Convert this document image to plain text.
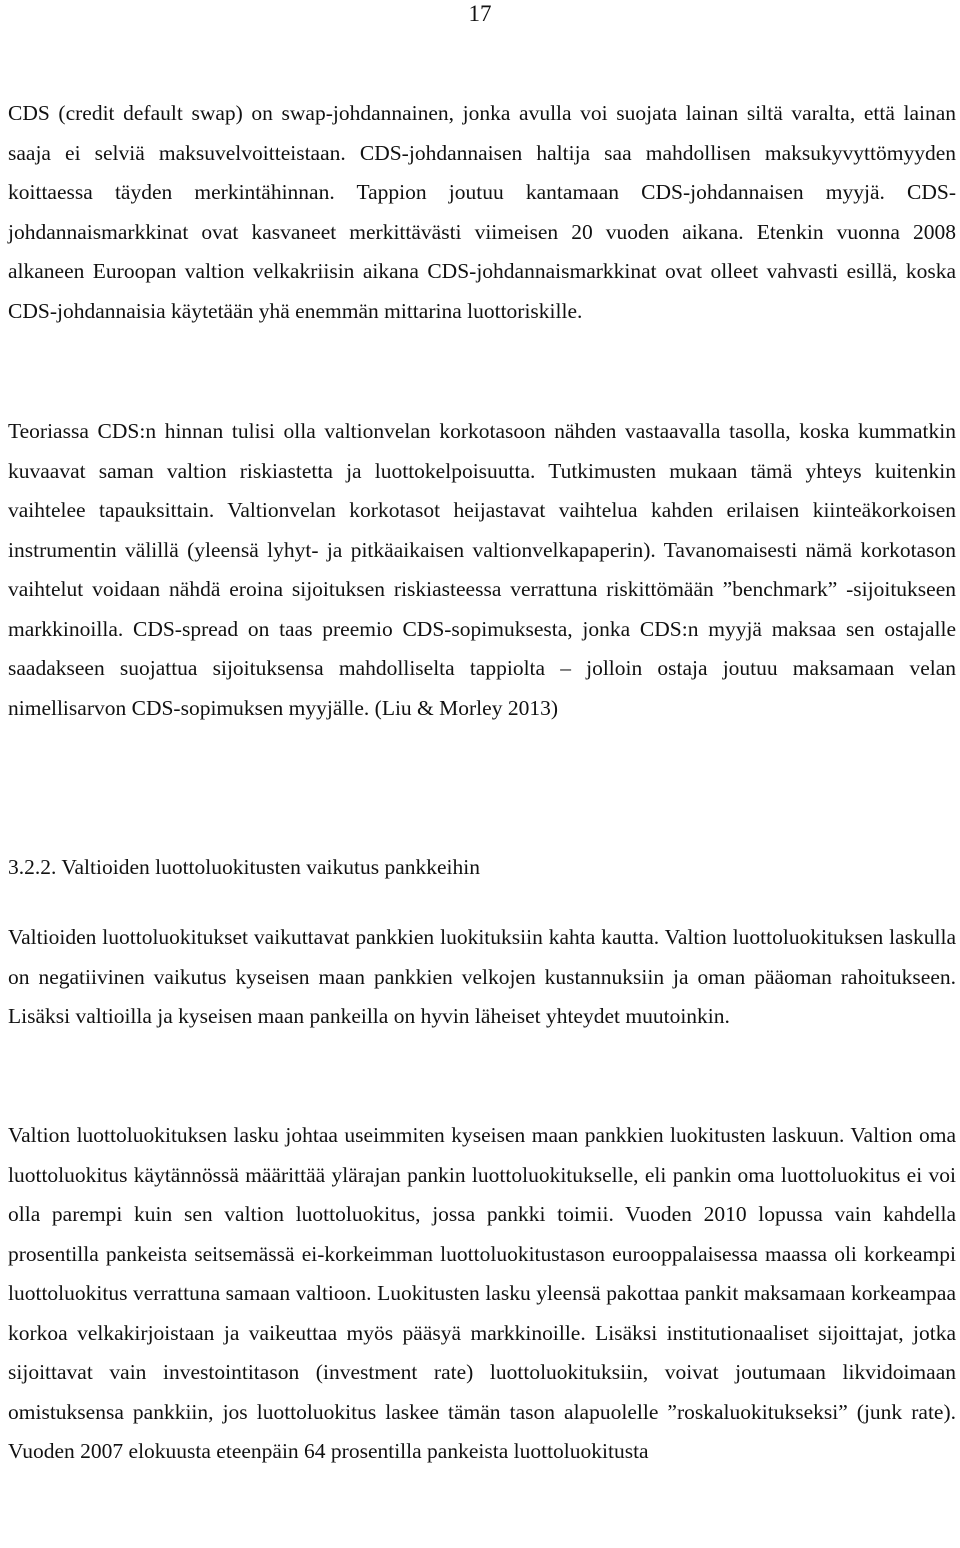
17

CDS (credit default swap) on swap-johdannainen, jonka avulla voi suojata lainan siltä varalta, että lainan saaja ei selviä maksuvelvoitteistaan. CDS-johdannaisen haltija saa mahdollisen maksukyvyttömyyden koittaessa täyden merkintähinnan. Tappion joutuu kantamaan CDS-johdannaisen myyjä. CDS-johdannaismarkkinat ovat kasvaneet merkittävästi viimeisen 20 vuoden aikana. Etenkin vuonna 2008 alkaneen Euroopan valtion velkakriisin aikana CDS-johdannaismarkkinat ovat olleet vahvasti esillä, koska CDS-johdannaisia käytetään yhä enemmän mittarina luottoriskille.

Teoriassa CDS:n hinnan tulisi olla valtionvelan korkotasoon nähden vastaavalla tasolla, koska kummatkin kuvaavat saman valtion riskiastetta ja luottokelpoisuutta. Tutkimusten mukaan tämä yhteys kuitenkin vaihtelee tapauksittain. Valtionvelan korkotasot heijastavat vaihtelua kahden erilaisen kiinteäkorkoisen instrumentin välillä (yleensä lyhyt- ja pitkäaikaisen valtionvelkapaperin). Tavanomaisesti nämä korkotason vaihtelut voidaan nähdä eroina sijoituksen riskiasteessa verrattuna riskittömään ”benchmark” -sijoitukseen markkinoilla. CDS-spread on taas preemio CDS-sopimuksesta, jonka CDS:n myyjä maksaa sen ostajalle saadakseen suojattua sijoituksensa mahdolliselta tappiolta – jolloin ostaja joutuu maksamaan velan nimellisarvon CDS-sopimuksen myyjälle. (Liu & Morley 2013)

3.2.2. Valtioiden luottoluokitusten vaikutus pankkeihin

Valtioiden luottoluokitukset vaikuttavat pankkien luokituksiin kahta kautta. Valtion luottoluokituksen laskulla on negatiivinen vaikutus kyseisen maan pankkien velkojen kustannuksiin ja oman pääoman rahoitukseen. Lisäksi valtioilla ja kyseisen maan pankeilla on hyvin läheiset yhteydet muutoinkin.

Valtion luottoluokituksen lasku johtaa useimmiten kyseisen maan pankkien luokitusten laskuun. Valtion oma luottoluokitus käytännössä määrittää ylärajan pankin luottoluokitukselle, eli pankin oma luottoluokitus ei voi olla parempi kuin sen valtion luottoluokitus, jossa pankki toimii. Vuoden 2010 lopussa vain kahdella prosentilla pankeista seitsemässä ei-korkeimman luottoluokitustason eurooppalaisessa maassa oli korkeampi luottoluokitus verrattuna samaan valtioon. Luokitusten lasku yleensä pakottaa pankit maksamaan korkeampaa korkoa velkakirjoistaan ja vaikeuttaa myös pääsyä markkinoille. Lisäksi institutionaaliset sijoittajat, jotka sijoittavat vain investointitason (investment rate) luottoluokituksiin, voivat joutumaan likvidoimaan omistuksensa pankkiin, jos luottoluokitus laskee tämän tason alapuolelle ”roskaluokitukseksi” (junk rate). Vuoden 2007 elokuusta eteenpäin 64 prosentilla pankeista luottoluokitusta
